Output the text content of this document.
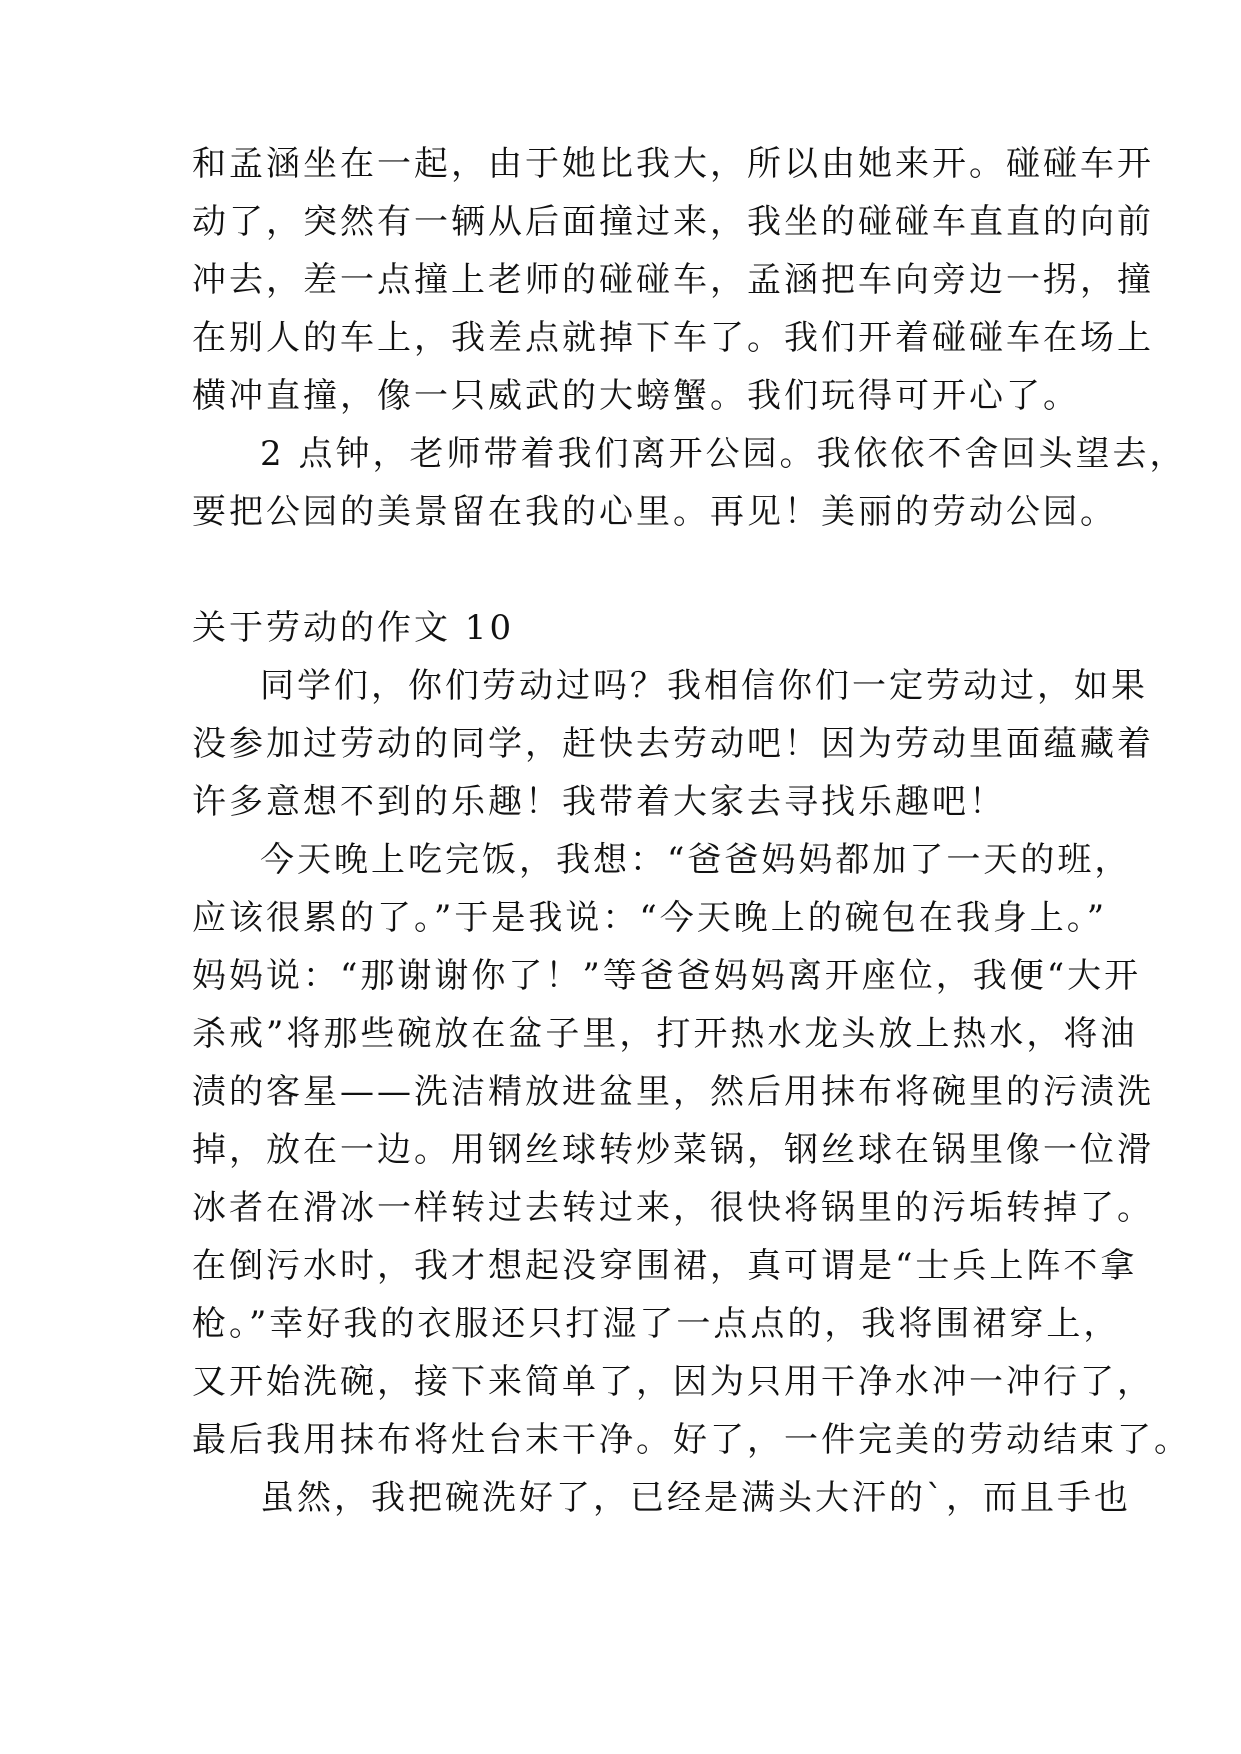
和孟涵坐在一起，由于她比我大，所以由她来开。碰碰车开
动了，突然有一辆从后面撞过来，我坐的碰碰车直直的向前
冲去，差一点撞上老师的碰碰车，孟涵把车向旁边一拐，撞
在别人的车上，我差点就掉下车了。我们开着碰碰车在场上
横冲直撞，像一只威武的大螃蟹。我们玩得可开心了。
2 点钟，老师带着我们离开公园。我依依不舍回头望去，
要把公园的美景留在我的心里。再见！美丽的劳动公园。
关于劳动的作文 10
同学们，你们劳动过吗？我相信你们一定劳动过，如果
没参加过劳动的同学，赶快去劳动吧！因为劳动里面蕴藏着
许多意想不到的乐趣！我带着大家去寻找乐趣吧！
今天晚上吃完饭，我想：“爸爸妈妈都加了一天的班，
应该很累的了。”于是我说：“今天晚上的碗包在我身上。”
妈妈说：“那谢谢你了！”等爸爸妈妈离开座位，我便“大开
杀戒”将那些碗放在盆子里，打开热水龙头放上热水，将油
渍的客星——洗洁精放进盆里，然后用抹布将碗里的污渍洗
掉，放在一边。用钢丝球转炒菜锅，钢丝球在锅里像一位滑
冰者在滑冰一样转过去转过来，很快将锅里的污垢转掉了。
在倒污水时，我才想起没穿围裙，真可谓是“士兵上阵不拿
枪。”幸好我的衣服还只打湿了一点点的，我将围裙穿上，
又开始洗碗，接下来简单了，因为只用干净水冲一冲行了，
最后我用抹布将灶台末干净。好了，一件完美的劳动结束了。
虽然，我把碗洗好了，已经是满头大汗的`，而且手也
